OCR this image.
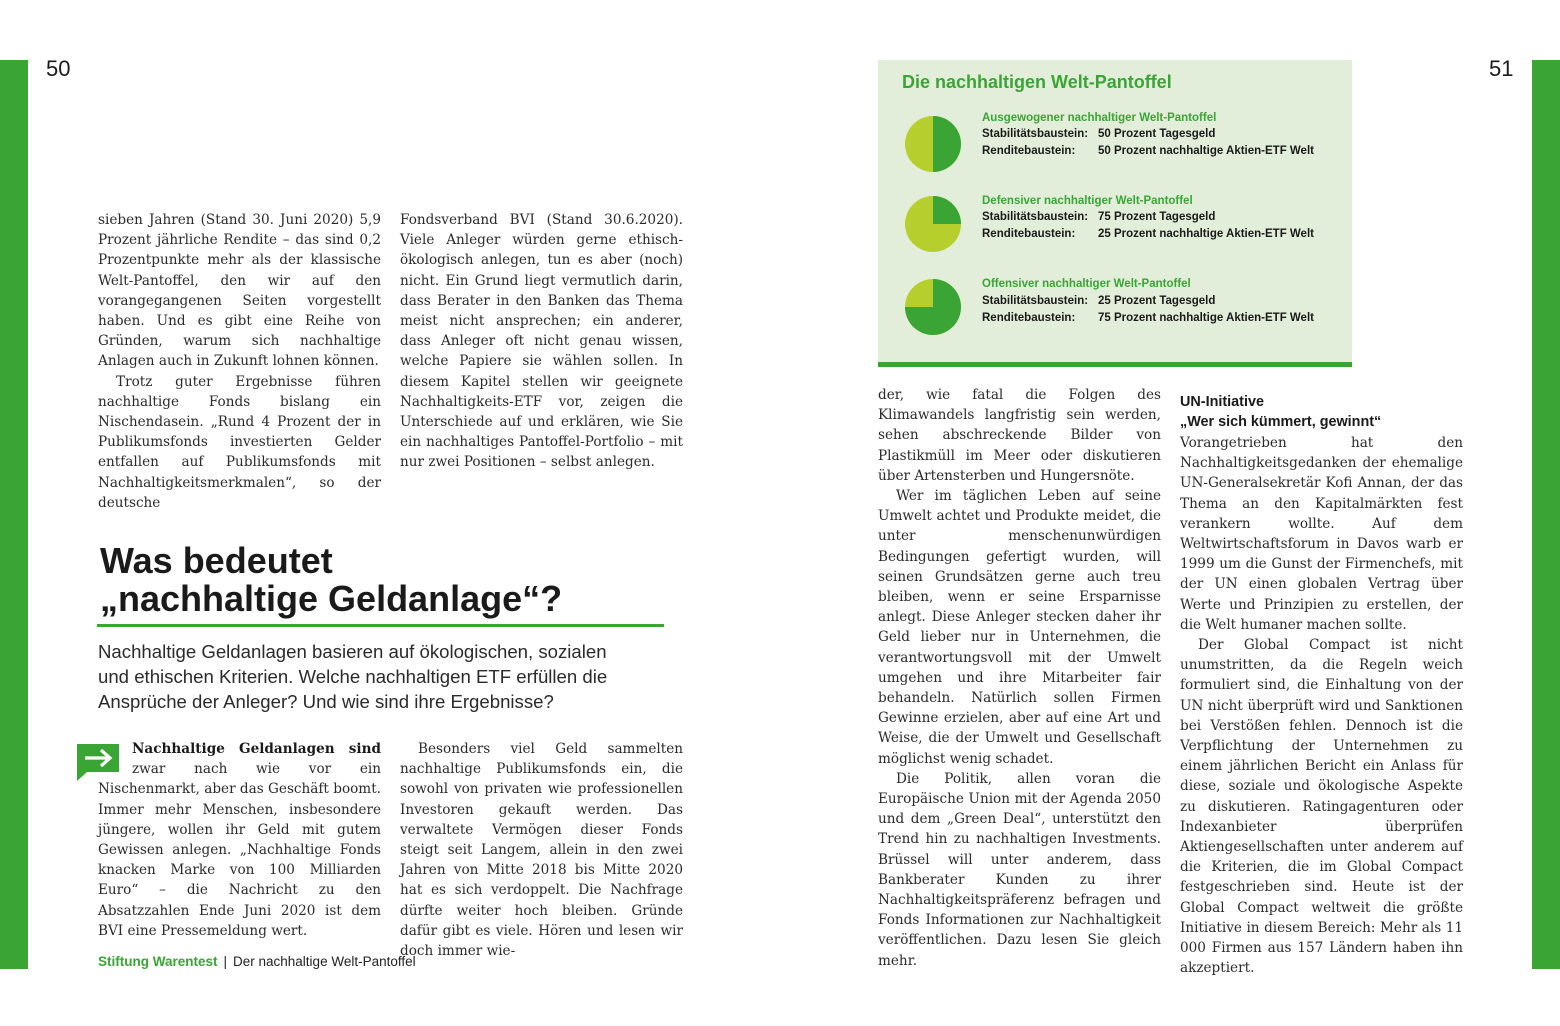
50	51

sieben Jahren (Stand 30. Juni 2020) 5,9 Prozent jährliche Rendite – das sind 0,2 Prozentpunkte mehr als der klassische Welt-Pantoffel, den wir auf den vorangegangenen Seiten vorgestellt haben. Und es gibt eine Reihe von Gründen, warum sich nachhaltige Anlagen auch in Zukunft lohnen können.

Trotz guter Ergebnisse führen nachhaltige Fonds bislang ein Nischendasein. „Rund 4 Prozent der in Publikumsfonds investierten Gelder entfallen auf Publikumsfonds mit Nachhaltigkeitsmerkmalen“, so der deutsche

Fondsverband BVI (Stand 30.6.2020). Viele Anleger würden gerne ethisch-ökologisch anlegen, tun es aber (noch) nicht. Ein Grund liegt vermutlich darin, dass Berater in den Banken das Thema meist nicht ansprechen; ein anderer, dass Anleger oft nicht genau wissen, welche Papiere sie wählen sollen. In diesem Kapitel stellen wir geeignete Nachhaltigkeits-ETF vor, zeigen die Unterschiede auf und erklären, wie Sie ein nachhaltiges Pantoffel-Portfolio – mit nur zwei Positionen – selbst anlegen.

Was bedeutet
„nachhaltige Geldanlage“?
Nachhaltige Geldanlagen basieren auf ökologischen, sozialen
und ethischen Kriterien. Welche nachhaltigen ETF erfüllen die
Ansprüche der Anleger? Und wie sind ihre Ergebnisse?

Nachhaltige Geldanlagen sind zwar nach wie vor ein Nischenmarkt, aber das Geschäft boomt. Immer mehr Menschen, insbesondere jüngere, wollen ihr Geld mit gutem Gewissen anlegen. „Nachhaltige Fonds knacken Marke von 100 Milliarden Euro“ – die Nachricht zu den Absatzzahlen Ende Juni 2020 ist dem BVI eine Pressemeldung wert.

Besonders viel Geld sammelten nachhaltige Publikumsfonds ein, die sowohl von privaten wie professionellen Investoren gekauft werden. Das verwaltete Vermögen dieser Fonds steigt seit Langem, allein in den zwei Jahren von Mitte 2018 bis Mitte 2020 hat es sich verdoppelt. Die Nachfrage dürfte weiter hoch bleiben. Gründe dafür gibt es viele. Hören und lesen wir doch immer wie-

Stiftung Warentest | Der nachhaltige Welt-Pantoffel
Die nachhaltigen Welt-Pantoffel
Ausgewogener nachhaltiger Welt-Pantoffel
Stabilitätsbaustein: 50 Prozent Tagesgeld
Renditebaustein: 50 Prozent nachhaltige Aktien-ETF Welt
Defensiver nachhaltiger Welt-Pantoffel
Stabilitätsbaustein: 75 Prozent Tagesgeld
Renditebaustein: 25 Prozent nachhaltige Aktien-ETF Welt
Offensiver nachhaltiger Welt-Pantoffel
Stabilitätsbaustein: 25 Prozent Tagesgeld
Renditebaustein: 75 Prozent nachhaltige Aktien-ETF Welt

der, wie fatal die Folgen des Klimawandels langfristig sein werden, sehen abschreckende Bilder von Plastikmüll im Meer oder diskutieren über Artensterben und Hungersnöte.

Wer im täglichen Leben auf seine Umwelt achtet und Produkte meidet, die unter menschenunwürdigen Bedingungen gefertigt wurden, will seinen Grundsätzen gerne auch treu bleiben, wenn er seine Ersparnisse anlegt. Diese Anleger stecken daher ihr Geld lieber nur in Unternehmen, die verantwortungsvoll mit der Umwelt umgehen und ihre Mitarbeiter fair behandeln. Natürlich sollen Firmen Gewinne erzielen, aber auf eine Art und Weise, die der Umwelt und Gesellschaft möglichst wenig schadet.

Die Politik, allen voran die Europäische Union mit der Agenda 2050 und dem „Green Deal“, unterstützt den Trend hin zu nachhaltigen Investments. Brüssel will unter anderem, dass Bankberater Kunden zu ihrer Nachhaltigkeitspräferenz befragen und Fonds Informationen zur Nachhaltigkeit veröffentlichen. Dazu lesen Sie gleich mehr.

UN-Initiative
„Wer sich kümmert, gewinnt“

Vorangetrieben hat den Nachhaltigkeitsgedanken der ehemalige UN-Generalsekretär Kofi Annan, der das Thema an den Kapitalmärkten fest verankern wollte. Auf dem Weltwirtschaftsforum in Davos warb er 1999 um die Gunst der Firmenchefs, mit der UN einen globalen Vertrag über Werte und Prinzipien zu erstellen, der die Welt humaner machen sollte.

Der Global Compact ist nicht unumstritten, da die Regeln weich formuliert sind, die Einhaltung von der UN nicht überprüft wird und Sanktionen bei Verstößen fehlen. Dennoch ist die Verpflichtung der Unternehmen zu einem jährlichen Bericht ein Anlass für diese, soziale und ökologische Aspekte zu diskutieren. Ratingagenturen oder Indexanbieter überprüfen Aktiengesellschaften unter anderem auf die Kriterien, die im Global Compact festgeschrieben sind. Heute ist der Global Compact weltweit die größte Initiative in diesem Bereich: Mehr als 11 000 Firmen aus 157 Ländern haben ihn akzeptiert.
